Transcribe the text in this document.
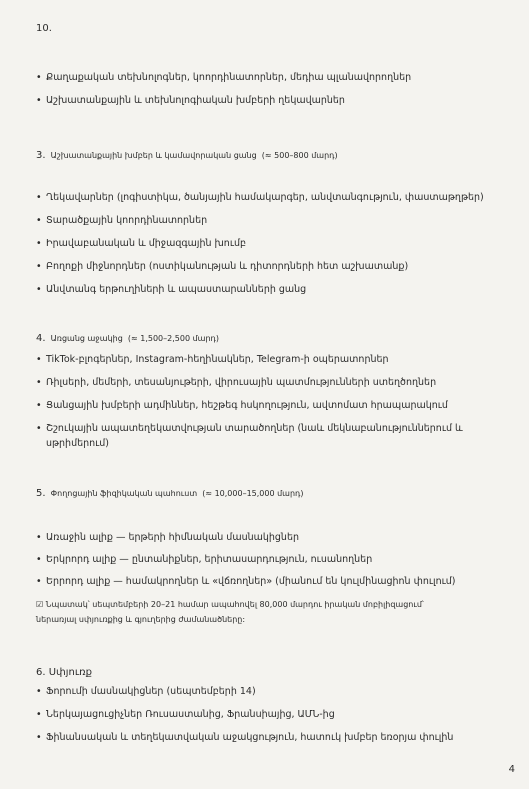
10.
• Քաղաքական տեխնոլոգներ, կոորդինատորներ, մեդիա պլանավորողներ
• Աշխատանքային և տեխնոլոգիական խմբերի ղեկավարներ
3. Աշխատանքային խմբեր և կամավորական ցանց (≈ 500–800 մարդ)
• Ղեկավարներ (լոգիստիկա, ծանյային համակարգեր, անվտանգություն, փաստաթղթեր)
• Տարածքային կոորդինատորներ
• Իրավաբանական և միջազգային խումբ
• Բողոքի միջնորդներ (ոստիկանության և դիտորդների հետ աշխատանք)
• Անվտանգ երթուղիների և ապաստարանների ցանց
4. Առցանց աջակից (≈ 1,500–2,500 մարդ)
• TikTok-բլոգերներ, Instagram-հեղինակներ, Telegram-ի օպերատորներ
• Ռիլսերի, մեմերի, տեսանյութերի, վիրուսային պատմությունների ստեղծողներ
• Ցանցային խմբերի ադմիններ, հեշթեգ հսկողություն, ավտոմատ հրապարակում
• Շշուկային ապատեղեկատվության տարածողներ (նաև մեկնաբանություններում և
սթրիմերում)
5. Փողոցային ֆիզիկական պահուստ (≈ 10,000–15,000 մարդ)
• Առաջին ալիք — երթերի հիմնական մասնակիցներ
• Երկրորդ ալիք — ընտանիքներ, երիտասարդություն, ուսանողներ
• Երրորդ ալիք — համակրողներ և «վճռողներ» (միանում են կուլմինացիոն փուլում)
☑ Նպատակ՝ սեպտեմբերի 20–21 համար ապահովել 80,000 մարդու իրական մոբիլիզացում՝
ներառյալ սփյուռքից և գյուղերից ժամանածները:
6. Սփյուռք
• Ֆորումի մասնակիցներ (սեպտեմբերի 14)
• Ներկայացուցիչներ Ռուսաստանից, Ֆրանսիայից, ԱՄՆ-ից
• Ֆինանսական և տեղեկատվական աջակցություն, հատուկ խմբեր եռօրյա փուլին
4
